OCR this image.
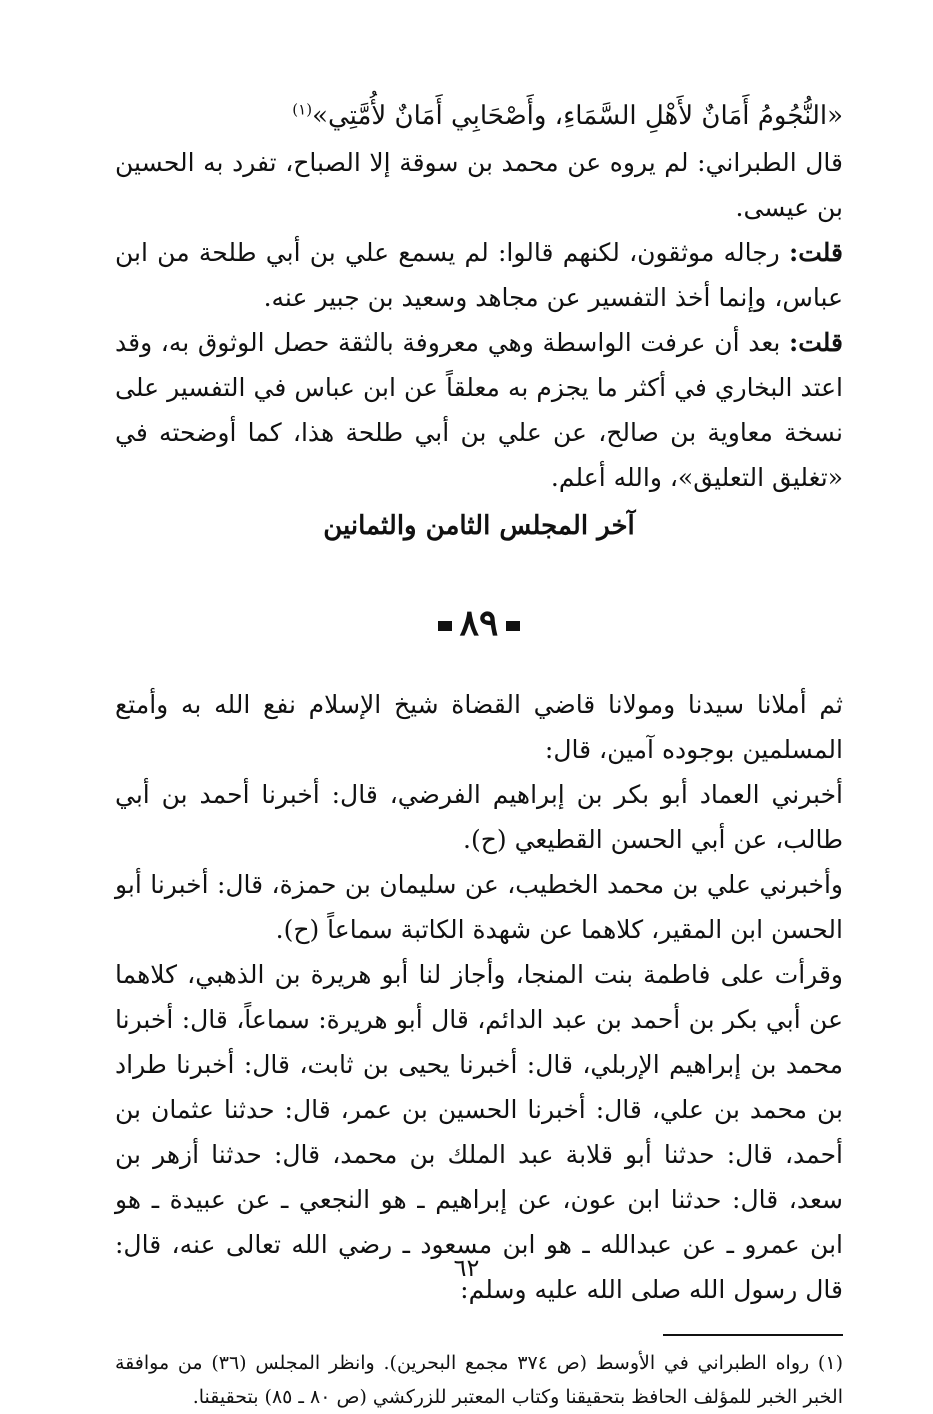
«النُّجُومُ أَمَانٌ لأَهْلِ السَّمَاءِ، وأَصْحَابِي أَمَانٌ لأُمَّتِي»$^{(١)}$

قال الطبراني: لم يروه عن محمد بن سوقة إلا الصباح، تفرد به الحسين بن عيسى.

قلت: رجاله موثقون، لكنهم قالوا: لم يسمع علي بن أبي طلحة من ابن عباس، وإنما أخذ التفسير عن مجاهد وسعيد بن جبير عنه.

قلت: بعد أن عرفت الواسطة وهي معروفة بالثقة حصل الوثوق به، وقد اعتد البخاري في أكثر ما يجزم به معلقاً عن ابن عباس في التفسير على نسخة معاوية بن صالح، عن علي بن أبي طلحة هذا، كما أوضحته في «تغليق التعليق»، والله أعلم.

آخر المجلس الثامن والثمانين
٨٩

ثم أملانا سيدنا ومولانا قاضي القضاة شيخ الإسلام نفع الله به وأمتع المسلمين بوجوده آمين، قال:

أخبرني العماد أبو بكر بن إبراهيم الفرضي، قال: أخبرنا أحمد بن أبي طالب، عن أبي الحسن القطيعي (ح).

وأخبرني علي بن محمد الخطيب، عن سليمان بن حمزة، قال: أخبرنا أبو الحسن ابن المقير، كلاهما عن شهدة الكاتبة سماعاً (ح).

وقرأت على فاطمة بنت المنجا، وأجاز لنا أبو هريرة بن الذهبي، كلاهما عن أبي بكر بن أحمد بن عبد الدائم، قال أبو هريرة: سماعاً، قال: أخبرنا محمد بن إبراهيم الإربلي، قال: أخبرنا يحيى بن ثابت، قال: أخبرنا طراد بن محمد بن علي، قال: أخبرنا الحسين بن عمر، قال: حدثنا عثمان بن أحمد، قال: حدثنا أبو قلابة عبد الملك بن محمد، قال: حدثنا أزهر بن سعد، قال: حدثنا ابن عون، عن إبراهيم ـ هو النجعي ـ عن عبيدة ـ هو ابن عمرو ـ عن عبدالله ـ هو ابن مسعود ـ رضي الله تعالى عنه، قال: قال رسول الله صلى الله عليه وسلم:

(١) رواه الطبراني في الأوسط (ص ٣٧٤ مجمع البحرين). وانظر المجلس (٣٦) من موافقة الخبر الخبر للمؤلف الحافظ بتحقيقنا وكتاب المعتبر للزركشي (ص ٨٠ ـ ٨٥) بتحقيقنا.

٦٢
